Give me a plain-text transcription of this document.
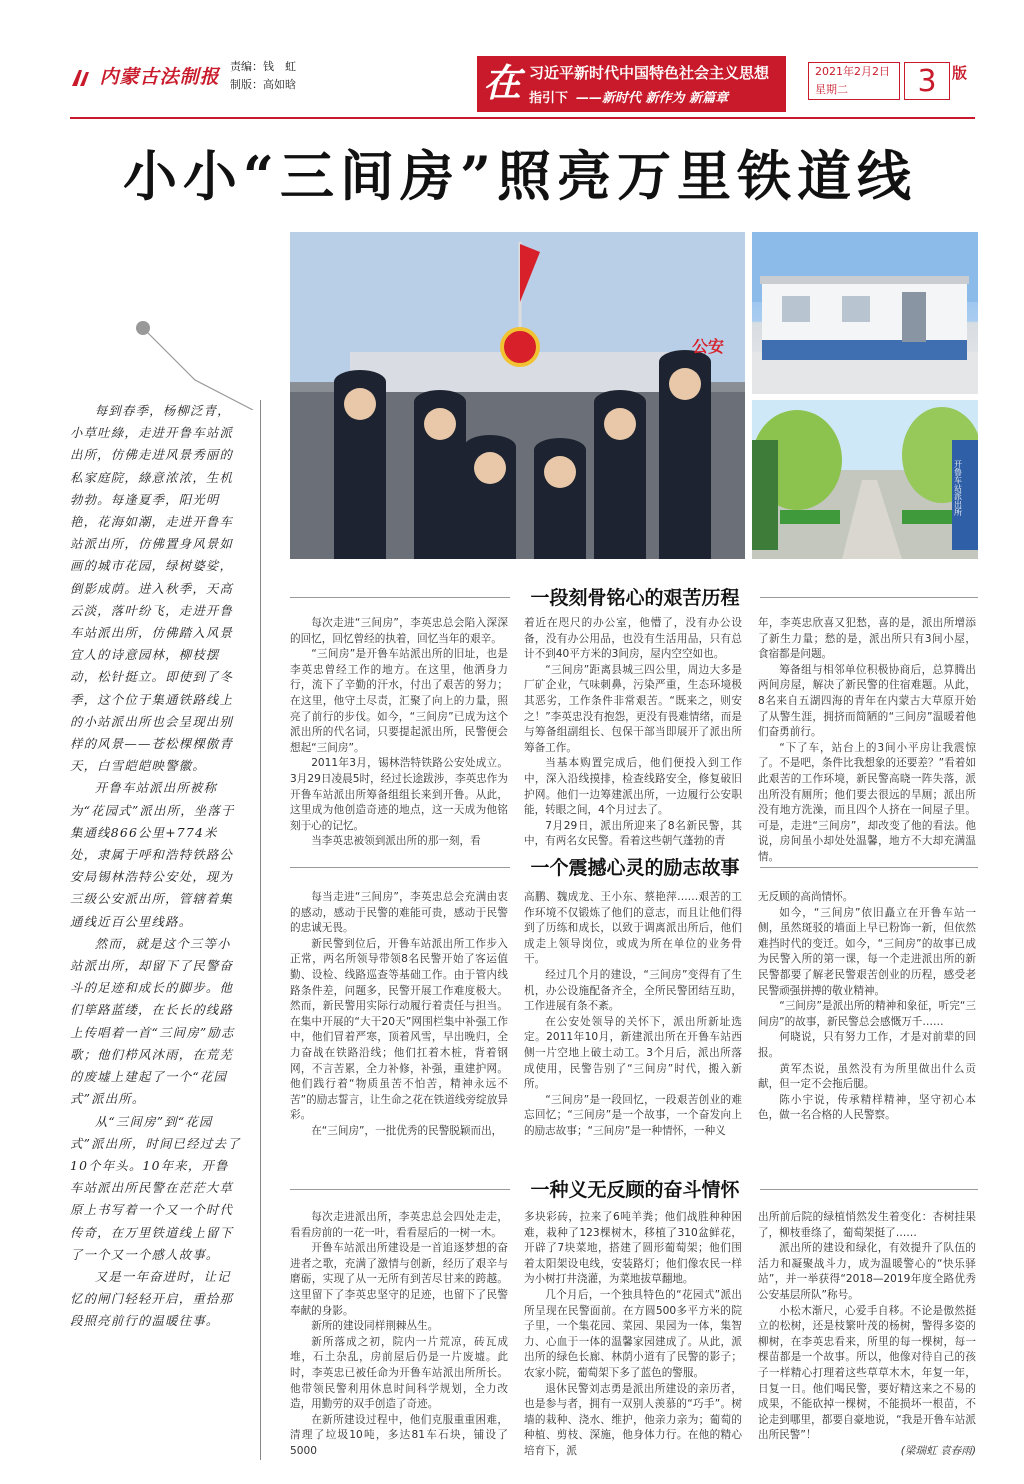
内蒙古法制报 责编：钱　虹
制版：高如晗	在 习近平新时代中国特色社会主义思想
指引下 ——新时代 新作为 新篇章
2021年2月2日
星期二	3	版
小小“三间房”照亮万里铁道线
公安
开鲁车站派出所

每到春季，杨柳泛青，小草吐綠，走进开鲁车站派出所，仿佛走进风景秀丽的私家庭院，綠意浓浓，生机勃勃。每逢夏季，阳光明艳，花海如潮，走进开鲁车站派出所，仿佛置身风景如画的城市花园，绿树婆娑，倒影成荫。进入秋季，天高云淡，落叶纷飞，走进开鲁车站派出所，仿佛踏入风景宜人的诗意园林，柳枝摆动，松针挺立。即使到了冬季，这个位于集通铁路线上的小站派出所也会呈现出别样的风景——苍松棵棵傲青天，白雪皑皑映警徽。

开鲁车站派出所被称为“花园式”派出所，坐落于集通线866公里+774米处，隶属于呼和浩特铁路公安局锡林浩特公安处，现为三级公安派出所，管辖着集通线近百公里线路。

然而，就是这个三等小站派出所，却留下了民警奋斗的足迹和成长的脚步。他们筚路蓝缕，在长长的线路上传唱着一首“三间房”励志歌；他们栉风沐雨，在荒芜的废墟上建起了一个“花园式”派出所。

从“三间房”到“花园式”派出所，时间已经过去了10个年头。10年来，开鲁车站派出所民警在茫茫大草原上书写着一个又一个时代传奇，在万里铁道线上留下了一个又一个感人故事。

又是一年奋进时，让记忆的闸门轻轻开启，重拾那段照亮前行的温暖往事。

一段刻骨铭心的艰苦历程

每次走进“三间房”，李英忠总会陷入深深的回忆，回忆曾经的执着，回忆当年的艰辛。

“三间房”是开鲁车站派出所的旧址，也是李英忠曾经工作的地方。在这里，他洒身力行，流下了辛勤的汗水，付出了艰苦的努力；在这里，他守土尽责，汇聚了向上的力量，照亮了前行的步伐。如今，“三间房”已成为这个派出所的代名词，只要提起派出所，民警便会想起“三间房”。

2011年3月，锡林浩特铁路公安处成立。3月29日凌晨5时，经过长途跋涉，李英忠作为开鲁车站派出所筹备组组长来到开鲁。从此，这里成为他创造奇迹的地点，这一天成为他铭刻于心的记忆。

当李英忠被领到派出所的那一刻，看

着近在咫尺的办公室，他懵了，没有办公设备，没有办公用品，也没有生活用品，只有总计不到40平方米的3间房，屋内空空如也。

“三间房”距离县城三四公里，周边大多是厂矿企业，气味刺鼻，污染严重，生态环境极其恶劣，工作条件非常艰苦。“既来之，则安之！”李英忠没有抱怨，更没有畏难情绪，而是与筹备组副组长、包保干部当即展开了派出所筹备工作。

当基本购置完成后，他们便投入到工作中，深入沿线摸排，检查线路安全，修复破旧护网。他们一边筹建派出所，一边履行公安职能，转眼之间，4个月过去了。

7月29日，派出所迎来了8名新民警，其中，有两名女民警。看着这些朝气蓬勃的青

年，李英忠欣喜又犯愁，喜的是，派出所增添了新生力量；愁的是，派出所只有3间小屋，食宿都是问题。

筹备组与相邻单位积极协商后，总算腾出两间房屋，解决了新民警的住宿难题。从此，8名来自五湖四海的青年在内蒙古大草原开始了从警生涯，拥挤而简陋的“三间房”温暖着他们奋勇前行。

“下了车，站台上的3间小平房让我震惊了。不是吧，条件比我想象的还要差？”看着如此艰苦的工作环境，新民警高晓一阵失落，派出所没有厕所；他们要去很远的旱厕；派出所没有地方洗澡，而且四个人挤在一间屋子里。可是，走进“三间房”，却改变了他的看法。他说，房间虽小却处处温馨，地方不大却充满温情。

一个震撼心灵的励志故事

每当走进“三间房”，李英忠总会充满由衷的感动，感动于民警的难能可贵，感动于民警的忠诚无畏。

新民警到位后，开鲁车站派出所工作步入正常，两名所领导带领8名民警开始了客运值勤、设检、线路巡查等基础工作。由于管内线路条件差，问题多，民警开展工作难度极大。然而，新民警用实际行动履行着责任与担当。在集中开展的“大干20天”网围栏集中补强工作中，他们冒着严寒，顶着风雪，早出晚归，全力奋战在铁路沿线；他们扛着木桩，背着钢网，不言苦累，全力补修，补强，重建护网。他们践行着“物质虽苦不怕苦，精神永远不苦”的励志誓言，让生命之花在铁道线旁绽放异彩。

在“三间房”，一批优秀的民警脱颖而出，

高鹏、魏成龙、王小东、蔡艳萍……艰苦的工作环境不仅锻炼了他们的意志，而且让他们得到了历练和成长，以致于调离派出所后，他们成走上领导岗位，或成为所在单位的业务骨干。

经过几个月的建设，“三间房”变得有了生机，办公设施配备齐全，全所民警团结互助，工作进展有条不紊。

在公安处领导的关怀下，派出所新址选定。2011年10月，新建派出所在开鲁车站西侧一片空地上破土动工。3个月后，派出所落成使用，民警告别了“三间房”时代，搬入新所。

“三间房”是一段回忆，一段艰苦创业的难忘回忆；“三间房”是一个故事，一个奋发向上的励志故事；“三间房”是一种情怀，一种义

无反顾的高尚情怀。

如今，“三间房”依旧矗立在开鲁车站一侧，虽然斑驳的墙面上早已粉饰一新，但依然难挡时代的变迁。如今，“三间房”的故事已成为民警入所的第一课，每一个走进派出所的新民警都要了解老民警艰苦创业的历程，感受老民警顽强拼搏的敬业精神。

“三间房”是派出所的精神和象征，听完“三间房”的故事，新民警总会感慨万千……

何晓说，只有努力工作，才是对前辈的回报。

黄军杰说，虽然没有为所里做出什么贡献，但一定不会拖后腿。

陈小宇说，传承精样精神，坚守初心本色，做一名合格的人民警察。

一种义无反顾的奋斗情怀

每次走进派出所，李英忠总会四处走走，看看房前的一花一叶，看看屋后的一树一木。

开鲁车站派出所建设是一首追逐梦想的奋进者之歌，充满了激情与创新，经历了艰辛与磨砺，实现了从一无所有到苦尽甘来的跨越。这里留下了李英忠坚守的足迹，也留下了民警奉献的身影。

新所的建设同样荆棘丛生。

新所落成之初，院内一片荒凉，砖瓦成堆，石土杂乱，房前屋后仍是一片废墟。此时，李英忠已被任命为开鲁车站派出所所长。他带领民警利用休息时间科学规划，全力改造，用勤劳的双手创造了奇迹。

在新所建设过程中，他们克服重重困难，清理了垃圾10吨，多达81车石块，铺设了5000

多块彩砖，拉来了6吨羊粪；他们战胜种种困难，栽种了123棵树木，移植了310盆鲜花，开辟了7块菜地，搭建了圆形葡萄架；他们围着太阳架设电线，安装路灯；他们像农民一样为小树打井浇灌，为菜地拔草翻地。

几个月后，一个独具特色的“花园式”派出所呈现在民警面前。在方圆500多平方米的院子里，一个集花园、菜园、果园为一体，集智力、心血于一体的温馨家园建成了。从此，派出所的绿色长廊、林荫小道有了民警的影子；农家小院，葡萄架下多了蓝色的警服。

退休民警刘志勇是派出所建设的亲历者，也是参与者，拥有一双别人羡慕的“巧手”。树墙的栽种、浇水、维护，他亲力亲为；葡萄的种植、剪枝、深施，他身体力行。在他的精心培育下，派

出所前后院的绿植悄然发生着变化：杏树挂果了，柳枝垂绦了，葡萄架挺了……

派出所的建设和绿化，有效提升了队伍的活力和凝聚战斗力，成为温暖警心的“快乐驿站”，并一举获得“2018—2019年度全路优秀公安基层所队”称号。

小松木渐尺，心爱手自移。不论是傲然挺立的松树，还是枝繁叶茂的杨树，警得多姿的柳树，在李英忠看来，所里的每一棵树，每一棵苗都是一个故事。所以，他像对待自己的孩子一样精心打理着这些草草木木，年复一年，日复一日。他们喝民警，要好精这来之不易的成果，不能砍掉一棵树，不能损坏一根苗，不论走到哪里，都要自豪地说，“我是开鲁车站派出所民警”！

(梁瑞虹 袁春雨)
